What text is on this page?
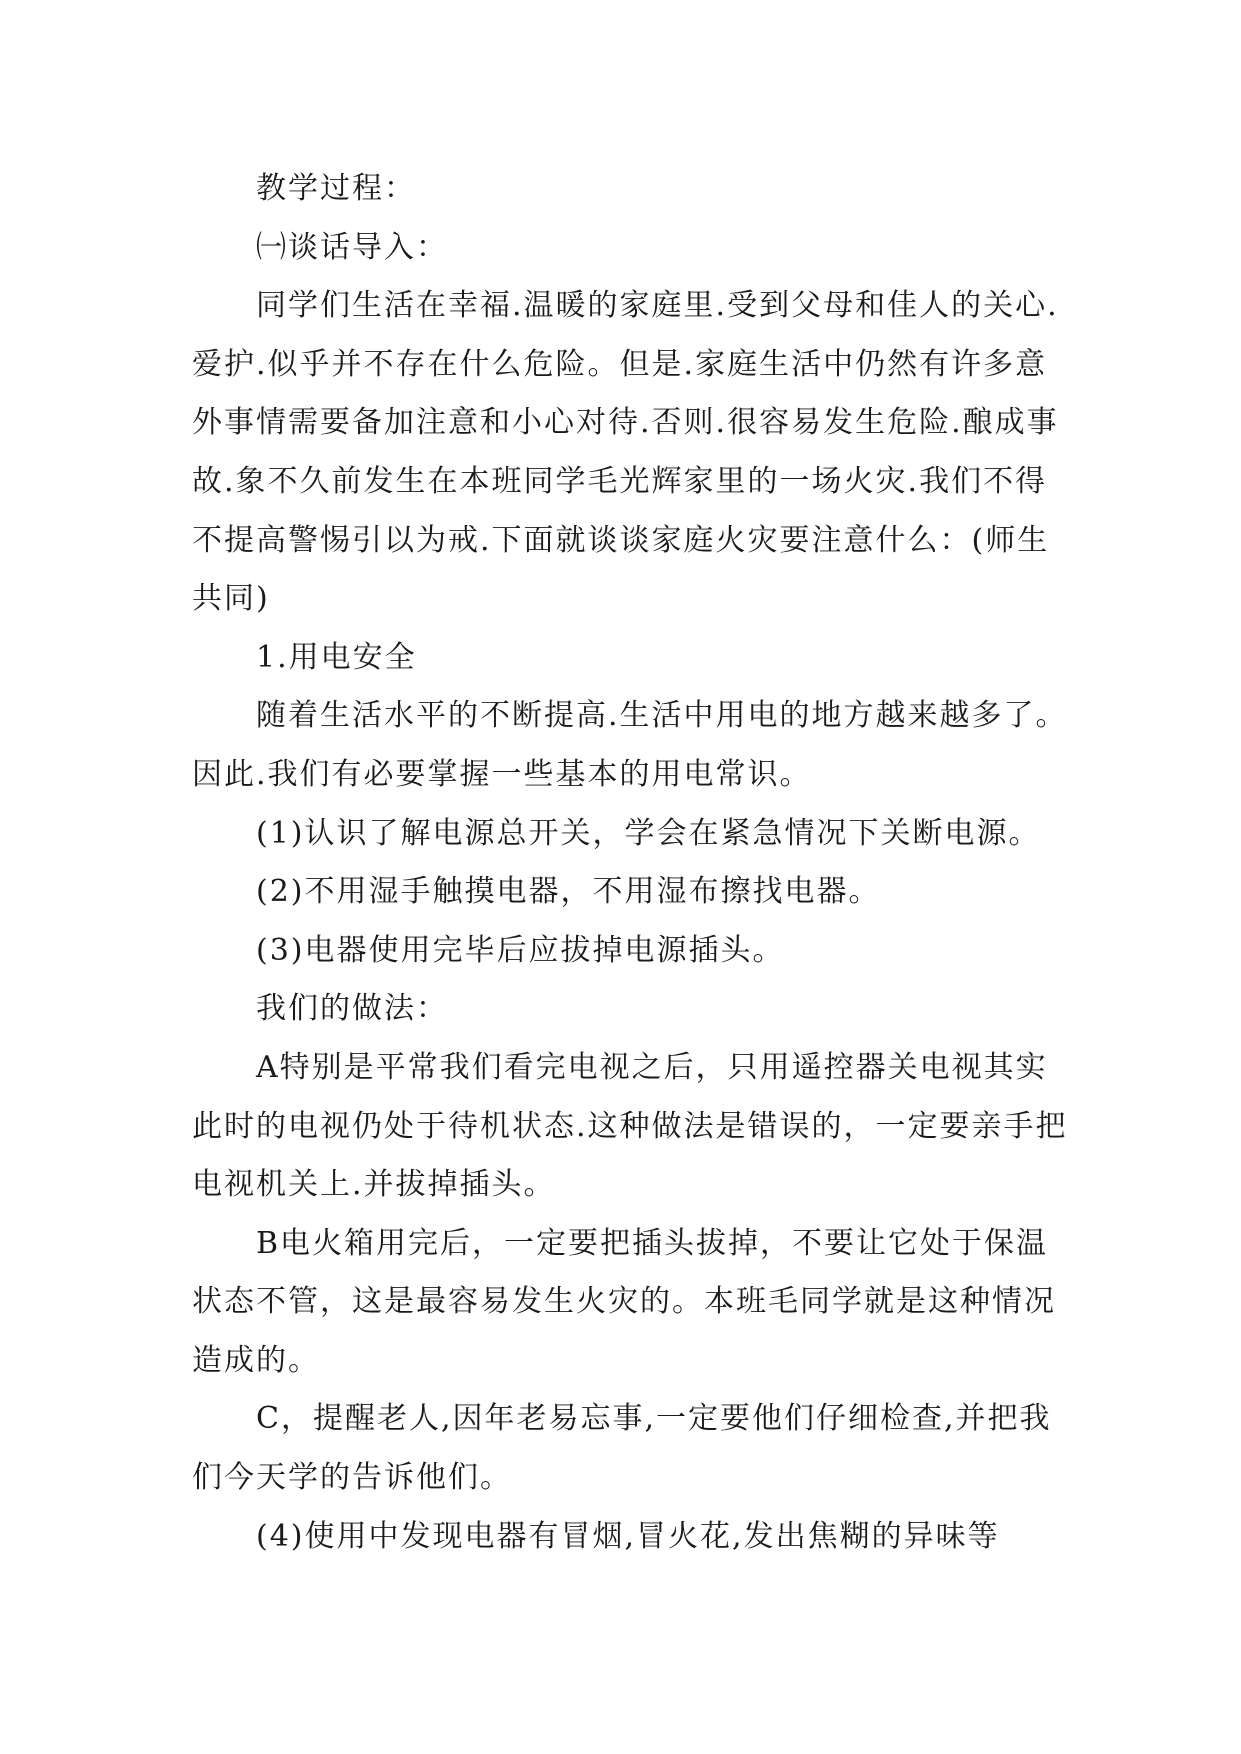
教学过程：

㈠谈话导入：

同学们生活在幸福.温暖的家庭里.受到父母和佳人的关心.爱护.似乎并不存在什么危险。但是.家庭生活中仍然有许多意外事情需要备加注意和小心对待.否则.很容易发生危险.酿成事故.象不久前发生在本班同学毛光辉家里的一场火灾.我们不得不提高警惕引以为戒.下面就谈谈家庭火灾要注意什么：(师生共同)

1.用电安全

随着生活水平的不断提高.生活中用电的地方越来越多了。因此.我们有必要掌握一些基本的用电常识。

(1)认识了解电源总开关，学会在紧急情况下关断电源。

(2)不用湿手触摸电器，不用湿布擦找电器。

(3)电器使用完毕后应拔掉电源插头。

我们的做法：

A特别是平常我们看完电视之后，只用遥控器关电视其实此时的电视仍处于待机状态.这种做法是错误的，一定要亲手把电视机关上.并拔掉插头。

B电火箱用完后，一定要把插头拔掉，不要让它处于保温状态不管，这是最容易发生火灾的。本班毛同学就是这种情况造成的。

C，提醒老人,因年老易忘事,一定要他们仔细检查,并把我们今天学的告诉他们。

(4)使用中发现电器有冒烟,冒火花,发出焦糊的异味等
